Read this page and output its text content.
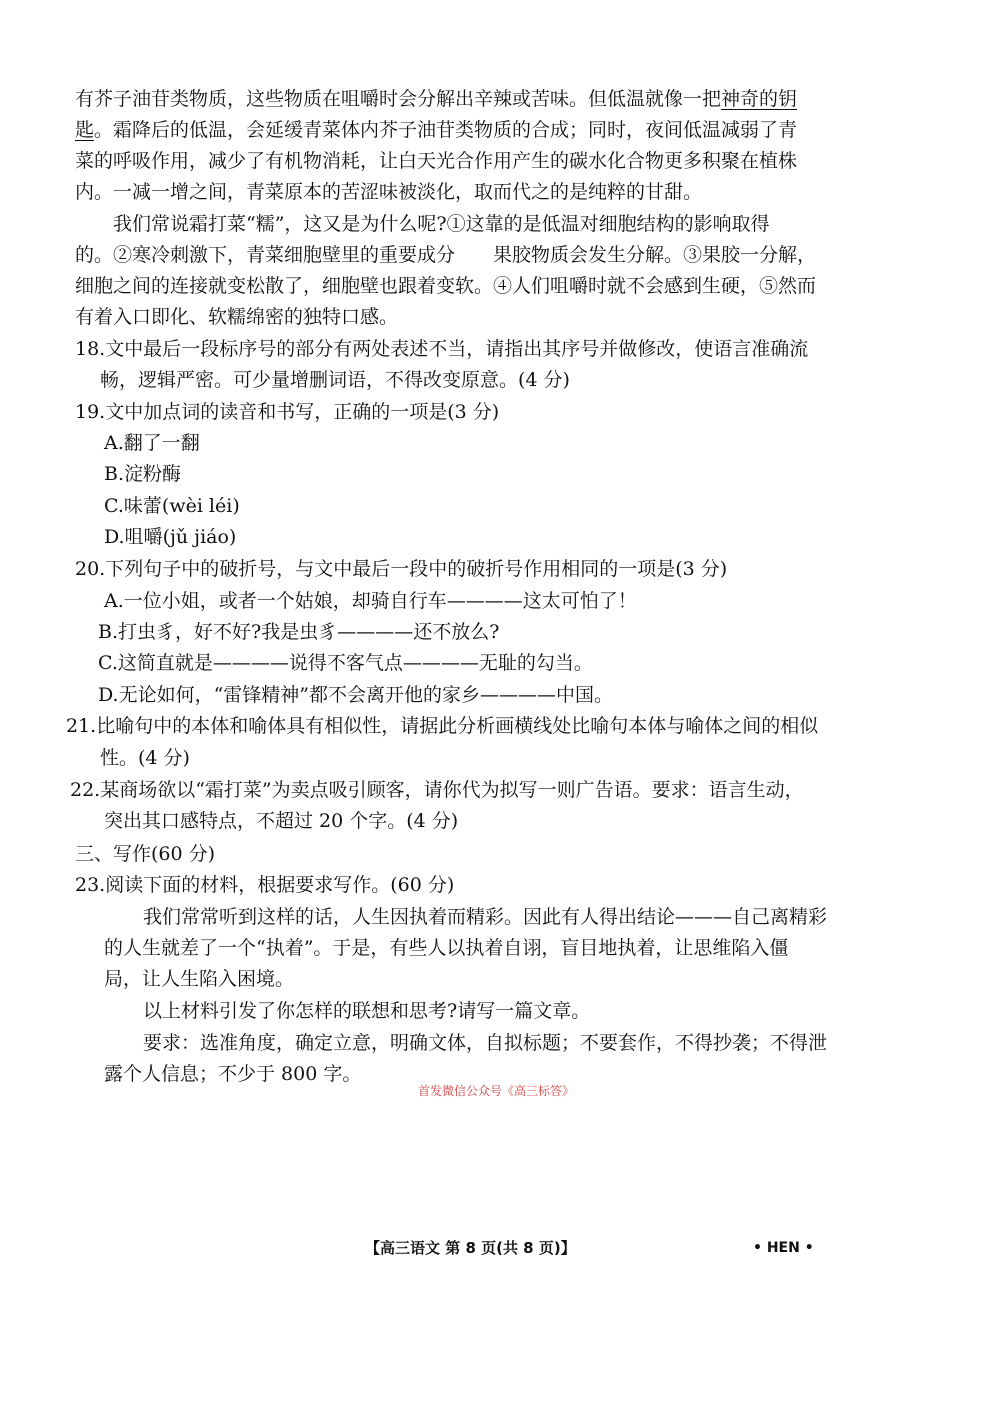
有芥子油苷类物质，这些物质在咀嚼时会分解出辛辣或苦味。但低温就像一把神奇的钥
匙。霜降后的低温，会延缓青菜体内芥子油苷类物质的合成；同时，夜间低温减弱了青
菜的呼吸作用，减少了有机物消耗，让白天光合作用产生的碳水化合物更多积聚在植株
内。一减一增之间，青菜原本的苦涩味被淡化，取而代之的是纯粹的甘甜。
我们常说霜打菜“糯”，这又是为什么呢?①这靠的是低温对细胞结构的影响取得
的。②寒冷刺激下，青菜细胞壁里的重要成分　　果胶物质会发生分解。③果胶一分解，
细胞之间的连接就变松散了，细胞壁也跟着变软。④人们咀嚼时就不会感到生硬，⑤然而
有着入口即化、软糯绵密的独特口感。
18.文中最后一段标序号的部分有两处表述不当，请指出其序号并做修改，使语言准确流
畅，逻辑严密。可少量增删词语，不得改变原意。(4 分)
19.文中加点词的读音和书写，正确的一项是(3 分)
A.翻了一翻
B.淀粉酶
C.味蕾(wèi léi)
D.咀嚼(jǔ jiáo)
20.下列句子中的破折号，与文中最后一段中的破折号作用相同的一项是(3 分)
A.一位小姐，或者一个姑娘，却骑自行车————这太可怕了！
B.打虫豸，好不好?我是虫豸————还不放么?
C.这简直就是————说得不客气点————无耻的勾当。
D.无论如何，“雷锋精神”都不会离开他的家乡————中国。
21.比喻句中的本体和喻体具有相似性，请据此分析画横线处比喻句本体与喻体之间的相似
性。(4 分)
22.某商场欲以“霜打菜”为卖点吸引顾客，请你代为拟写一则广告语。要求：语言生动，
突出其口感特点，不超过 20 个字。(4 分)
三、写作(60 分)
23.阅读下面的材料，根据要求写作。(60 分)
我们常常听到这样的话，人生因执着而精彩。因此有人得出结论———自己离精彩
的人生就差了一个“执着”。于是，有些人以执着自诩，盲目地执着，让思维陷入僵
局，让人生陷入困境。
以上材料引发了你怎样的联想和思考?请写一篇文章。
要求：选准角度，确定立意，明确文体，自拟标题；不要套作，不得抄袭；不得泄
露个人信息；不少于 800 字。
首发微信公众号《高三标答》
【高三语文 第 8 页(共 8 页)】	• HEN •
